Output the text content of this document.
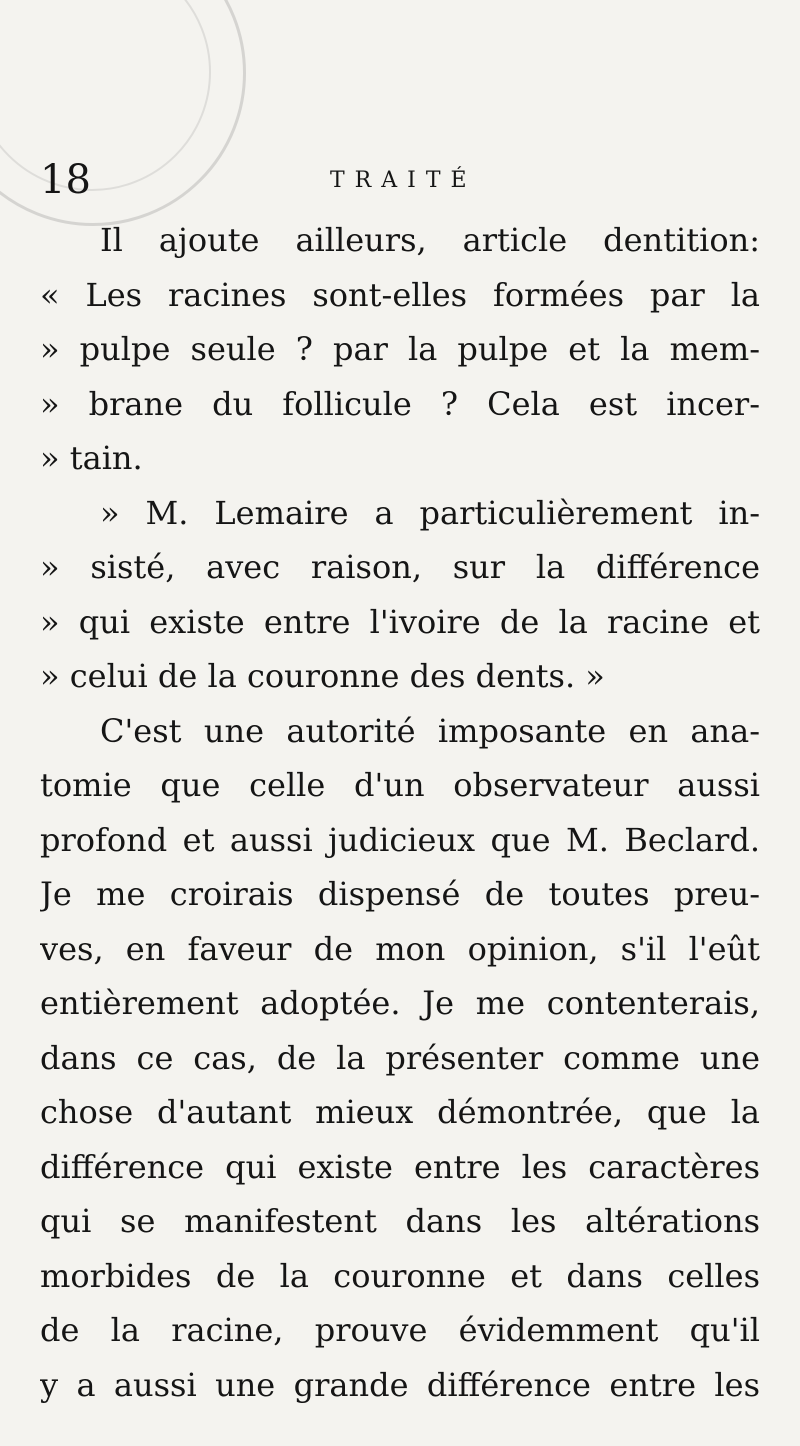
18	TRAITÉ
Il ajoute ailleurs, article dentition:
« Les racines sont-elles formées par la
» pulpe seule ? par la pulpe et la mem-
» brane du follicule ? Cela est incer-
» tain.
» M. Lemaire a particulièrement in-
» sisté, avec raison, sur la différence
» qui existe entre l'ivoire de la racine et
» celui de la couronne des dents. »
C'est une autorité imposante en ana-
tomie que celle d'un observateur aussi
profond et aussi judicieux que M. Beclard.
Je me croirais dispensé de toutes preu-
ves, en faveur de mon opinion, s'il l'eût
entièrement adoptée. Je me contenterais,
dans ce cas, de la présenter comme une
chose d'autant mieux démontrée, que la
différence qui existe entre les caractères
qui se manifestent dans les altérations
morbides de la couronne et dans celles
de la racine, prouve évidemment qu'il
y a aussi une grande différence entre les
